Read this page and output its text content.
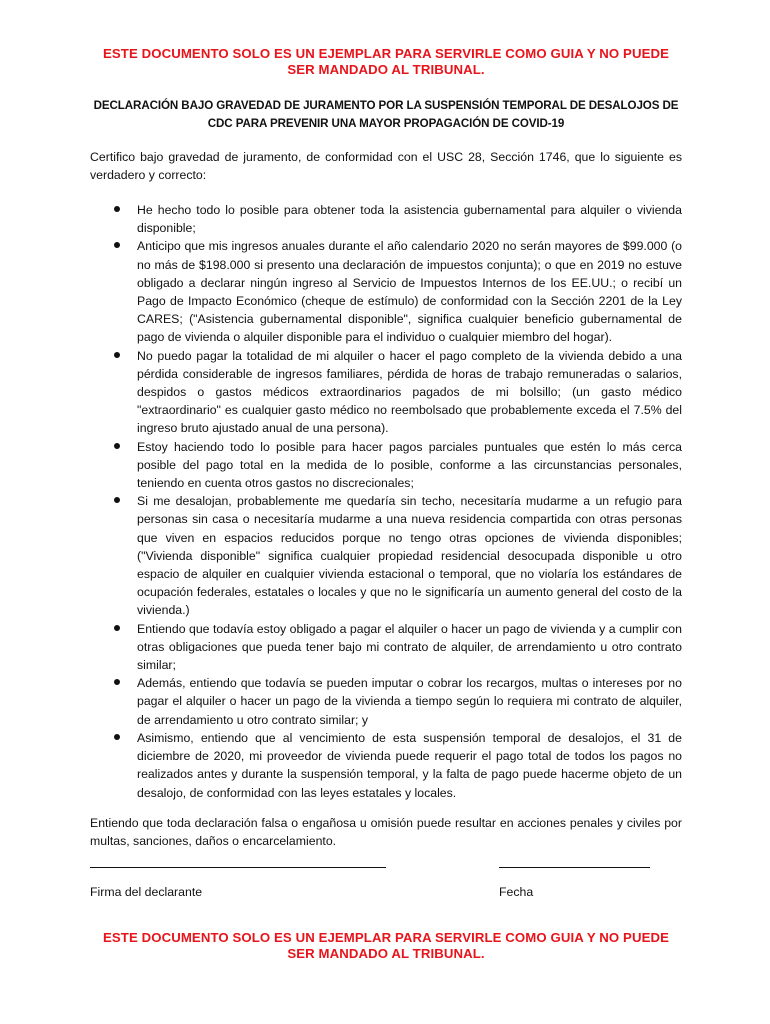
ESTE DOCUMENTO SOLO ES UN EJEMPLAR PARA SERVIRLE COMO GUIA Y NO PUEDE SER MANDADO AL TRIBUNAL.
DECLARACIÓN BAJO GRAVEDAD DE JURAMENTO POR LA SUSPENSIÓN TEMPORAL DE DESALOJOS DE CDC PARA PREVENIR UNA MAYOR PROPAGACIÓN DE COVID-19
Certifico bajo gravedad de juramento, de conformidad con el USC 28, Sección 1746, que lo siguiente es verdadero y correcto:
He hecho todo lo posible para obtener toda la asistencia gubernamental para alquiler o vivienda disponible;
Anticipo que mis ingresos anuales durante el año calendario 2020 no serán mayores de $99.000 (o no más de $198.000 si presento una declaración de impuestos conjunta); o que en 2019 no estuve obligado a declarar ningún ingreso al Servicio de Impuestos Internos de los EE.UU.; o recibí un Pago de Impacto Económico (cheque de estímulo) de conformidad con la Sección 2201 de la Ley CARES; ("Asistencia gubernamental disponible", significa cualquier beneficio gubernamental de pago de vivienda o alquiler disponible para el individuo o cualquier miembro del hogar).
No puedo pagar la totalidad de mi alquiler o hacer el pago completo de la vivienda debido a una pérdida considerable de ingresos familiares, pérdida de horas de trabajo remuneradas o salarios, despidos o gastos médicos extraordinarios pagados de mi bolsillo; (un gasto médico "extraordinario" es cualquier gasto médico no reembolsado que probablemente exceda el 7.5% del ingreso bruto ajustado anual de una persona).
Estoy haciendo todo lo posible para hacer pagos parciales puntuales que estén lo más cerca posible del pago total en la medida de lo posible, conforme a las circunstancias personales, teniendo en cuenta otros gastos no discrecionales;
Si me desalojan, probablemente me quedaría sin techo, necesitaría mudarme a un refugio para personas sin casa o necesitaría mudarme a una nueva residencia compartida con otras personas que viven en espacios reducidos porque no tengo otras opciones de vivienda disponibles; ("Vivienda disponible" significa cualquier propiedad residencial desocupada disponible u otro espacio de alquiler en cualquier vivienda estacional o temporal, que no violaría los estándares de ocupación federales, estatales o locales y que no le significaría un aumento general del costo de la vivienda.)
Entiendo que todavía estoy obligado a pagar el alquiler o hacer un pago de vivienda y a cumplir con otras obligaciones que pueda tener bajo mi contrato de alquiler, de arrendamiento u otro contrato similar;
Además, entiendo que todavía se pueden imputar o cobrar los recargos, multas o intereses por no pagar el alquiler o hacer un pago de la vivienda a tiempo según lo requiera mi contrato de alquiler, de arrendamiento u otro contrato similar; y
Asimismo, entiendo que al vencimiento de esta suspensión temporal de desalojos, el 31 de diciembre de 2020, mi proveedor de vivienda puede requerir el pago total de todos los pagos no realizados antes y durante la suspensión temporal, y la falta de pago puede hacerme objeto de un desalojo, de conformidad con las leyes estatales y locales.
Entiendo que toda declaración falsa o engañosa u omisión puede resultar en acciones penales y civiles por multas, sanciones, daños o encarcelamiento.
Firma del declarante	Fecha
ESTE DOCUMENTO SOLO ES UN EJEMPLAR PARA SERVIRLE COMO GUIA Y NO PUEDE SER MANDADO AL TRIBUNAL.
